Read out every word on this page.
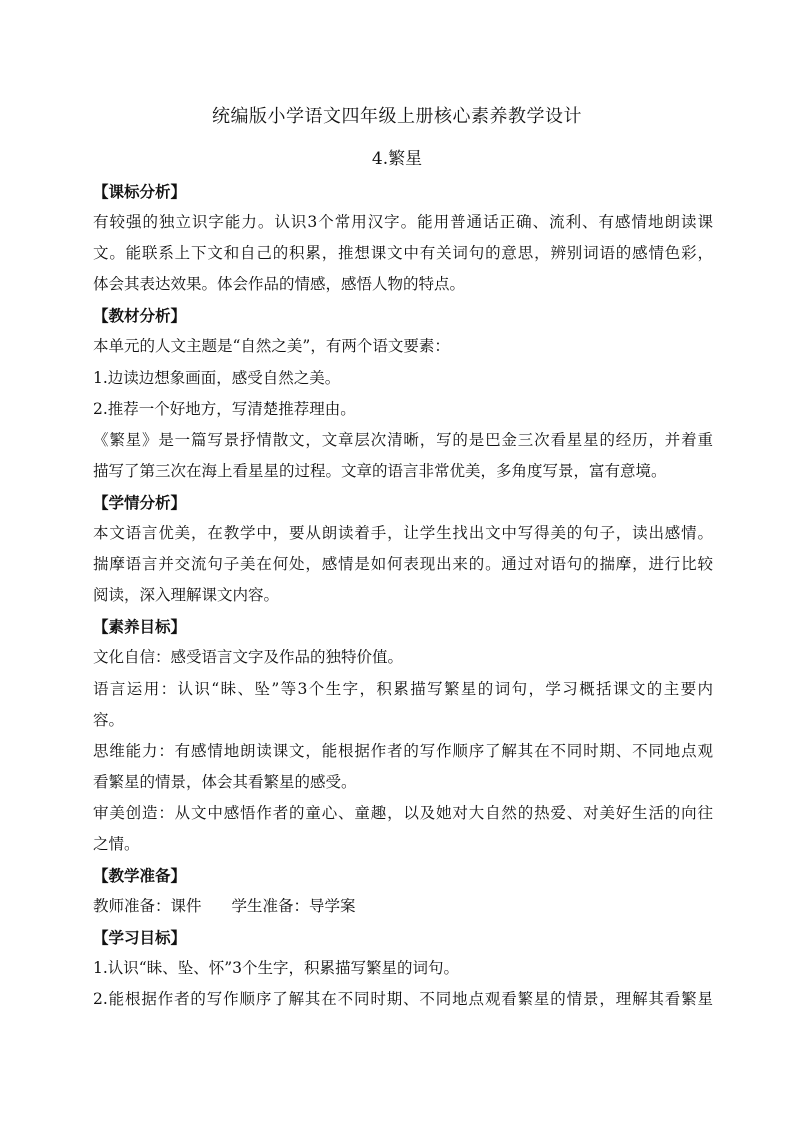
统编版小学语文四年级上册核心素养教学设计
4.繁星
【课标分析】
有较强的独立识字能力。认识3个常用汉字。能用普通话正确、流利、有感情地朗读课
文。能联系上下文和自己的积累，推想课文中有关词句的意思，辨别词语的感情色彩，
体会其表达效果。体会作品的情感，感悟人物的特点。
【教材分析】
本单元的人文主题是“自然之美”，有两个语文要素：
1.边读边想象画面，感受自然之美。
2.推荐一个好地方，写清楚推荐理由。
《繁星》是一篇写景抒情散文，文章层次清晰，写的是巴金三次看星星的经历，并着重
描写了第三次在海上看星星的过程。文章的语言非常优美，多角度写景，富有意境。
【学情分析】
本文语言优美，在教学中，要从朗读着手，让学生找出文中写得美的句子，读出感情。
揣摩语言并交流句子美在何处，感情是如何表现出来的。通过对语句的揣摩，进行比较
阅读，深入理解课文内容。
【素养目标】
文化自信：感受语言文字及作品的独特价值。
语言运用：认识“眛、坠”等3个生字，积累描写繁星的词句，学习概括课文的主要内
容。
思维能力：有感情地朗读课文，能根据作者的写作顺序了解其在不同时期、不同地点观
看繁星的情景，体会其看繁星的感受。
审美创造：从文中感悟作者的童心、童趣，以及她对大自然的热爱、对美好生活的向往
之情。
【教学准备】
教师准备：课件 学生准备：导学案
【学习目标】
1.认识“眛、坠、怀”3个生字，积累描写繁星的词句。
2.能根据作者的写作顺序了解其在不同时期、不同地点观看繁星的情景，理解其看繁星
